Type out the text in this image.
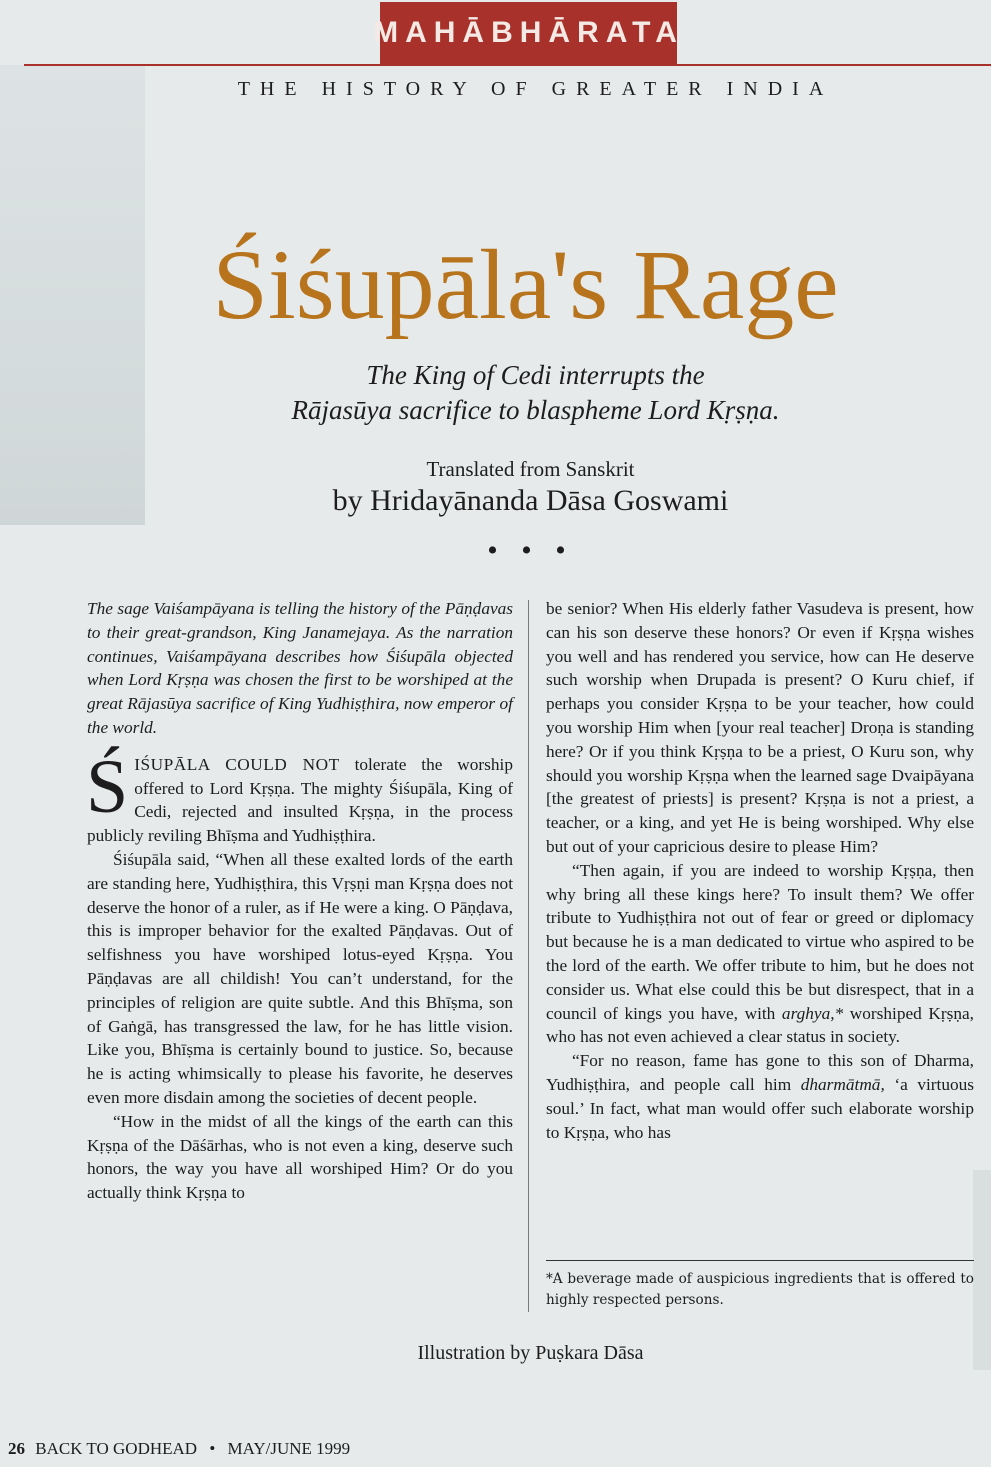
MAHĀBHĀRATA
THE HISTORY OF GREATER INDIA
Śiśupāla's Rage
The King of Cedi interrupts the
Rājasūya sacrifice to blaspheme Lord Kṛṣṇa.
Translated from Sanskrit
by Hridayānanda Dāsa Goswami
• • •

The sage Vaiśampāyana is telling the history of the Pāṇḍavas to their great-grandson, King Janamejaya. As the narration continues, Vaiśampāyana describes how Śiśupāla objected when Lord Kṛṣṇa was chosen the first to be worshiped at the great Rājasūya sacrifice of King Yudhiṣṭhira, now emperor of the world.

ŚIŚUPĀLA COULD NOT tolerate the worship offered to Lord Kṛṣṇa. The mighty Śiśupāla, King of Cedi, rejected and insulted Kṛṣṇa, in the process publicly reviling Bhīṣma and Yudhiṣṭhira.

Śiśupāla said, “When all these exalted lords of the earth are standing here, Yudhiṣṭhira, this Vṛṣṇi man Kṛṣṇa does not deserve the honor of a ruler, as if He were a king. O Pāṇḍava, this is improper behavior for the exalted Pāṇḍavas. Out of selfishness you have worshiped lotus-eyed Kṛṣṇa. You Pāṇḍavas are all childish! You can’t understand, for the principles of religion are quite subtle. And this Bhīṣma, son of Gaṅgā, has transgressed the law, for he has little vision. Like you, Bhīṣma is certainly bound to justice. So, because he is acting whimsically to please his favorite, he deserves even more disdain among the societies of decent people.

“How in the midst of all the kings of the earth can this Kṛṣṇa of the Dāśārhas, who is not even a king, deserve such honors, the way you have all worshiped Him? Or do you actually think Kṛṣṇa to

be senior? When His elderly father Vasudeva is present, how can his son deserve these honors? Or even if Kṛṣṇa wishes you well and has rendered you service, how can He deserve such worship when Drupada is present? O Kuru chief, if perhaps you consider Kṛṣṇa to be your teacher, how could you worship Him when [your real teacher] Droṇa is standing here? Or if you think Kṛṣṇa to be a priest, O Kuru son, why should you worship Kṛṣṇa when the learned sage Dvaipāyana [the greatest of priests] is present? Kṛṣṇa is not a priest, a teacher, or a king, and yet He is being worshiped. Why else but out of your capricious desire to please Him?

“Then again, if you are indeed to worship Kṛṣṇa, then why bring all these kings here? To insult them? We offer tribute to Yudhiṣṭhira not out of fear or greed or diplomacy but because he is a man dedicated to virtue who aspired to be the lord of the earth. We offer tribute to him, but he does not consider us. What else could this be but disrespect, that in a council of kings you have, with arghya,* worshiped Kṛṣṇa, who has not even achieved a clear status in society.

“For no reason, fame has gone to this son of Dharma, Yudhiṣṭhira, and people call him dharmātmā, ‘a virtuous soul.’ In fact, what man would offer such elaborate worship to Kṛṣṇa, who has

*A beverage made of auspicious ingredients that is offered to highly respected persons.
Illustration by Puṣkara Dāsa
26 BACK TO GODHEAD • MAY/JUNE 1999
